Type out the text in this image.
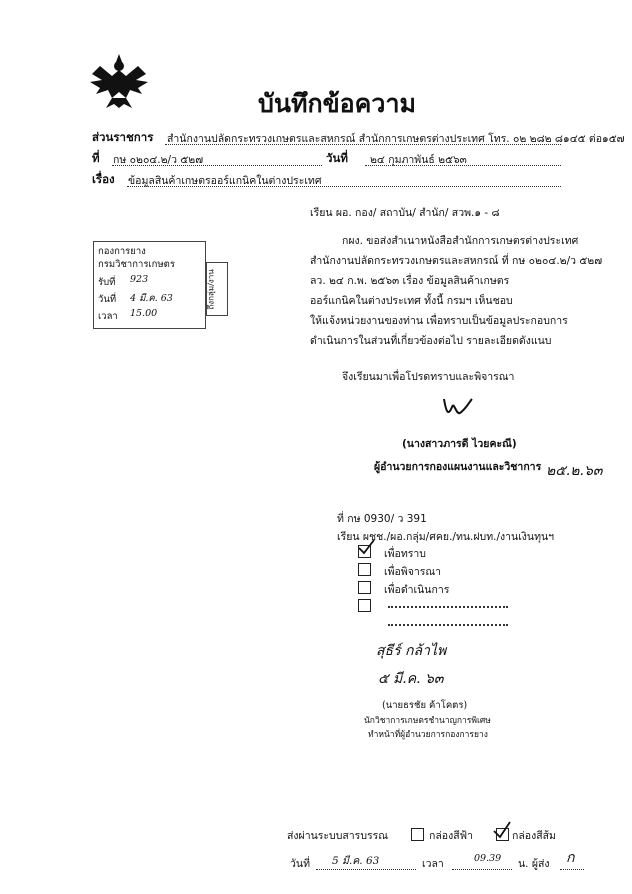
บันทึกข้อความ
ส่วนราชการ สำนักงานปลัดกระทรวงเกษตรและสหกรณ์ สำนักการเกษตรต่างประเทศ โทร. ๐๒ ๒๘๒ ๘๑๔๕ ต่อ๑๕๗
ที่ กษ ๐๒๐๔.๒/ว ๕๒๗	วันที่ ๒๔ กุมภาพันธ์ ๒๕๖๓
เรื่อง ข้อมูลสินค้าเกษตรออร์แกนิคในต่างประเทศ
เรียน ผอ. กอง/ สถาบัน/ สำนัก/ สวพ.๑ - ๘
กองการยาง
กรมวิชาการเกษตร
รับที่ 923
วันที่ 4 มี.ค. 63
เวลา 15.00
ถึงกลุ่ม/งาน
กผง. ขอส่งสำเนาหนังสือสำนักการเกษตรต่างประเทศ
สำนักงานปลัดกระทรวงเกษตรและสหกรณ์ ที่ กษ ๐๒๐๔.๒/ว ๕๒๗
ลว. ๒๔ ก.พ. ๒๕๖๓ เรื่อง ข้อมูลสินค้าเกษตร
ออร์แกนิคในต่างประเทศ ทั้งนี้ กรมฯ เห็นชอบ
ให้แจ้งหน่วยงานของท่าน เพื่อทราบเป็นข้อมูลประกอบการ
ดำเนินการในส่วนที่เกี่ยวข้องต่อไป รายละเอียดดังแนบ
จึงเรียนมาเพื่อโปรดทราบและพิจารณา
(นางสาวภารดี ไวยคะณี)
ผู้อำนวยการกองแผนงานและวิชาการ ๒๕.๒.๖๓
ที่ กษ 0930/ ว 391
เรียน ผชช./ผอ.กลุ่ม/ศคย./ทน.ฝบท./งานเงินทุนฯ
เพื่อทราบ
เพื่อพิจารณา
เพื่อดำเนินการ
สุธีร์ กล้าไพ
๕ มี.ค. ๖๓
(นายธรชัย ค้าโคตร)
นักวิชาการเกษตรชำนาญการพิเศษ
ทำหน้าที่ผู้อำนวยการกองการยาง
ส่งผ่านระบบสารบรรณ	กล่องสีฟ้า	กล่องสีส้ม
วันที่ 5 มี.ค. 63	เวลา	09.39 น. ผู้ส่ง ก
